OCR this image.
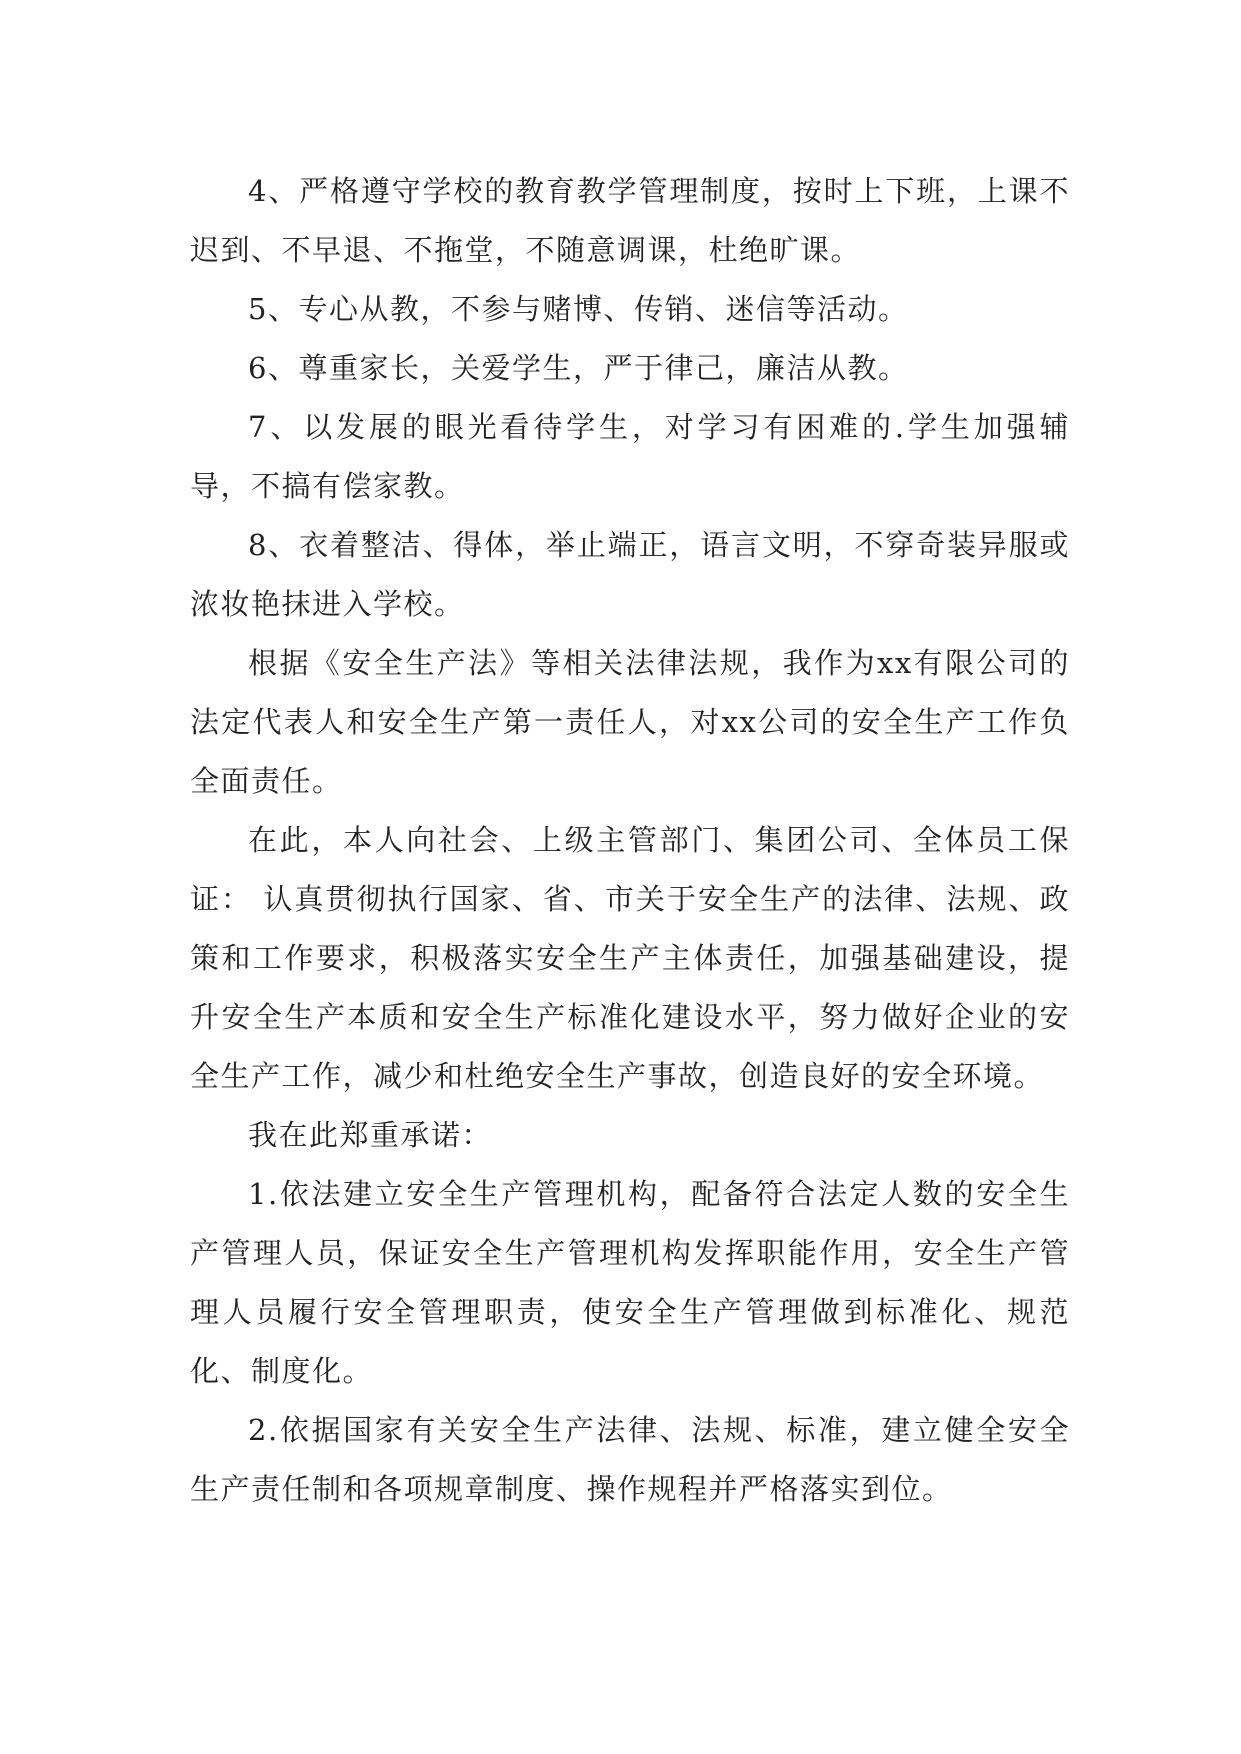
4、严格遵守学校的教育教学管理制度，按时上下班，上课不迟到、不早退、不拖堂，不随意调课，杜绝旷课。

5、专心从教，不参与赌博、传销、迷信等活动。

6、尊重家长，关爱学生，严于律己，廉洁从教。

7、以发展的眼光看待学生，对学习有困难的.学生加强辅导，不搞有偿家教。

8、衣着整洁、得体，举止端正，语言文明，不穿奇装异服或浓妆艳抹进入学校。

根据《安全生产法》等相关法律法规，我作为xx有限公司的法定代表人和安全生产第一责任人，对xx公司的安全生产工作负全面责任。

在此，本人向社会、上级主管部门、集团公司、全体员工保证： 认真贯彻执行国家、省、市关于安全生产的法律、法规、政策和工作要求，积极落实安全生产主体责任，加强基础建设，提升安全生产本质和安全生产标准化建设水平，努力做好企业的安全生产工作，减少和杜绝安全生产事故，创造良好的安全环境。

我在此郑重承诺：

1.依法建立安全生产管理机构，配备符合法定人数的安全生产管理人员，保证安全生产管理机构发挥职能作用，安全生产管理人员履行安全管理职责，使安全生产管理做到标准化、规范化、制度化。

2.依据国家有关安全生产法律、法规、标准，建立健全安全生产责任制和各项规章制度、操作规程并严格落实到位。
